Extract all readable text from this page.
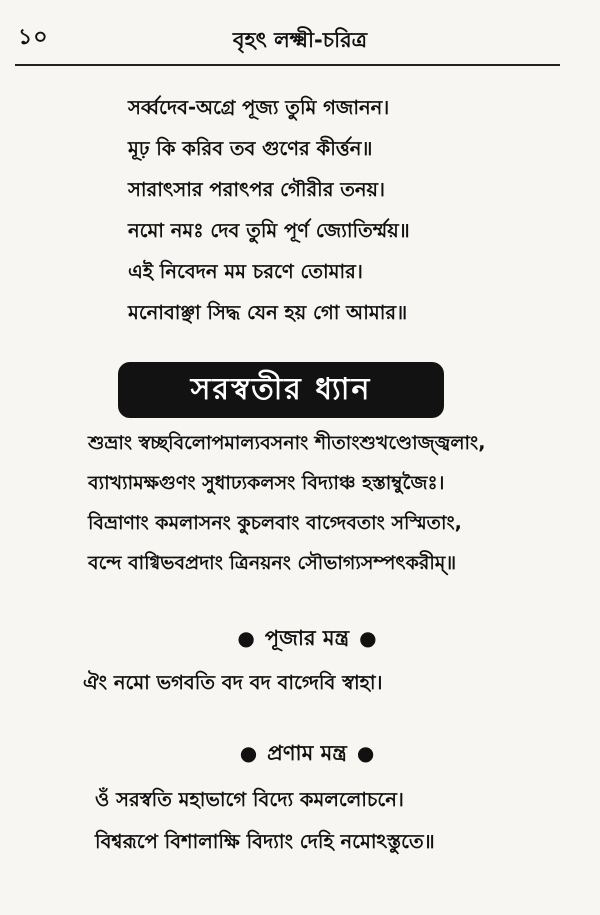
১০	বৃহৎ লক্ষ্মী-চরিত্র
সর্ব্বদেব-অগ্রে পূজ্য তুমি গজানন।
মূঢ় কি করিব তব গুণের কীর্ত্তন॥
সারাৎসার পরাৎপর গৌরীর তনয়।
নমো নমঃ দেব তুমি পূর্ণ জ্যোতির্ম্ময়॥
এই নিবেদন মম চরণে তোমার।
মনোবাঞ্ছা সিদ্ধ যেন হয় গো আমার॥
সরস্বতীর ধ্যান
শুভ্রাং স্বচ্ছবিলোপমাল্যবসনাং শীতাংশুখণ্ডোজ্জ্বলাং,
ব্যাখ্যামক্ষগুণং সুধাঢ্যকলসং বিদ্যাঞ্চ হস্তাম্বুজৈঃ।
বিভ্রাণাং কমলাসনং কুচলবাং বাগ্দেবতাং সস্মিতাং,
বন্দে বাগ্বিভবপ্রদাং ত্রিনয়নং সৌভাগ্যসম্পৎকরীম্॥
● পূজার মন্ত্র ●
ঐং নমো ভগবতি বদ বদ বাগ্দেবি স্বাহা।
● প্রণাম মন্ত্র ●
ওঁ সরস্বতি মহাভাগে বিদ্যে কমললোচনে।
বিশ্বরূপে বিশালাক্ষি বিদ্যাং দেহি নমোঽস্তুতে॥
